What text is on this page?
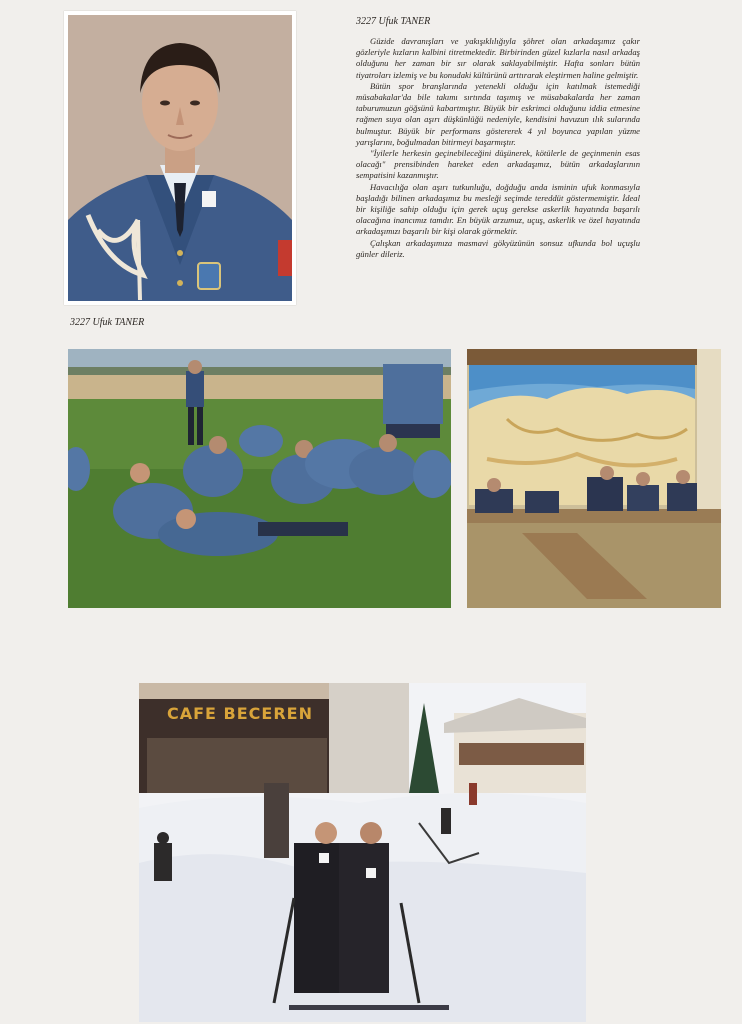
3227 Ufuk TANER
3227 Ufuk TANER

Güzide davranışları ve yakışıklılığıyla şöhret olan arkadaşımız çakır gözleriyle kızların kalbini titretmektedir. Birbirinden güzel kızlarla nasıl arkadaş olduğunu her zaman bir sır olarak saklayabilmiştir. Hafta sonları bütün tiyatroları izlemiş ve bu konudaki kültürünü arttırarak eleştirmen haline gelmiştir.

Bütün spor branşlarında yetenekli olduğu için katılmak istemediği müsabakalar'da bile takımı sırtında taşımış ve müsabakalarda her zaman taburumuzun göğsünü kabartmıştır. Büyük bir eskrimci olduğunu iddia etmesine rağmen suya olan aşırı düşkünlüğü nedeniyle, kendisini havuzun ılık sularında bulmuştur. Büyük bir performans göstererek 4 yıl boyunca yapılan yüzme yarışlarını, boğulmadan bitirmeyi başarmıştır.

"İyilerle herkesin geçinebileceğini düşünerek, kötülerle de geçinmenin esas olacağı" prensibinden hareket eden arkadaşımız, bütün arkadaşlarının sempatisini kazanmıştır.

Havacılığa olan aşırı tutkunluğu, doğduğu anda isminin ufuk konmasıyla başladığı bilinen arkadaşımız bu mesleği seçimde tereddüt göstermemiştir. İdeal bir kişiliğe sahip olduğu için gerek uçuş gerekse askerlik hayatında başarılı olacağına inancımız tamdır. En büyük arzumuz, uçuş, askerlik ve özel hayatında arkadaşımızı başarılı bir kişi olarak görmektir.

Çalışkan arkadaşımıza masmavi gökyüzünün sonsuz ufkunda bol uçuşlu günler dileriz.

CAFE BECEREN
